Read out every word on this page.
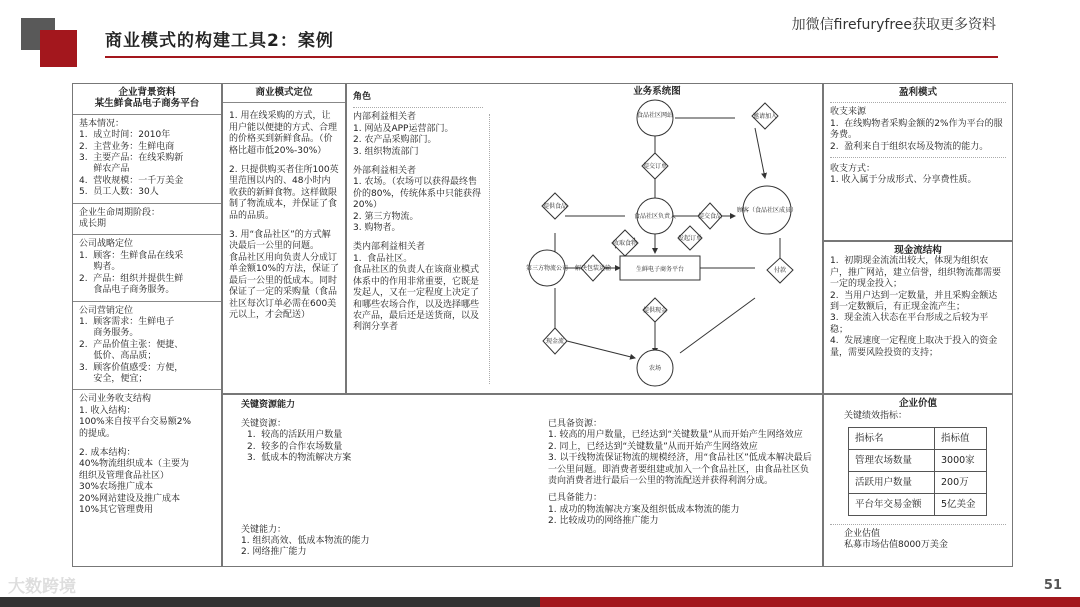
商业模式的构建工具2：案例
加微信firefuryfree获取更多资料
企业背景资料
某生鲜食品电子商务平台

基本情况：

1.  成立时间：2010年

2.  主营业务：生鲜电商

3.  主要产品：在线采购新

鲜农产品

4.  营收规模：一千万美金

5.  员工人数：30人

企业生命周期阶段：

成长期

公司战略定位

1.  顾客：生鲜食品在线采

购者。

2.  产品：组织并提供生鲜

食品电子商务服务。

公司营销定位

1.  顾客需求：生鲜电子

商务服务。

2.  产品价值主张：便捷、

低价、高品质；

3.  顾客价值感受：方便，

安全，便宜；

公司业务收支结构

1. 收入结构：

100%来自按平台交易额2%

的提成。

2. 成本结构：

40%物流组织成本（主要为

组织及管理食品社区）

30%农场推广成本

20%网站建设及推广成本

10%其它管理费用

商业模式定位

1. 用在线采购的方式，让用户能以便捷的方式、合理的价格买到新鲜食品。（价格比超市低20%-30%）

2. 只提供购买者住所100英里范围以内的、48小时内收获的新鲜食物。这样做限制了物流成本，并保证了食品的品质。

3. 用“食品社区”的方式解决最后一公里的问题。

食品社区用向负责人分成订单金额10%的方法，保证了最后一公里的低成本。同时保证了一定的采购量（食品社区每次订单必需在600美元以上，才会配送）

角色

内部利益相关者

1. 网站及APP运营部门。

2. 农产品采购部门。

3. 组织物流部门

外部利益相关者

1. 农场。（农场可以获得最终售价的80%，传统体系中只能获得20%）

2. 第三方物流。

3. 购物者。

类内部利益相关者

1.  食品社区。

食品社区的负责人在该商业模式体系中的作用非常重要，它既是发起人，又在一定程度上决定了和哪些农场合作，以及选择哪些农产品，最后还是送货商，以及利润分享者

业务系统图
食品社区网站
食品社区负责人
顾客（食品社区成员）
第三方物流公司
农场
生鲜电子商务平台
邀请加入
提交订单
提交食品
提供食品
收取食物
付款
发起订单
解决包装运输
提供现金
现金流
盈利模式

收支来源

1.  在线购物者采购金额的2%作为平台的服务费。

2.  盈利来自于组织农场及物流的能力。

收支方式：

1. 收入属于分成形式、分享费性质。

现金流结构

1.  初期现金流流出较大，体现为组织农户，推广网站，建立信誉，组织物流都需要一定的现金投入；

2.  当用户达到一定数量，并且采购金额达到一定数额后，有正现金流产生；

3.  现金流入状态在平台形成之后较为平稳；

4.  发展速度一定程度上取决于投入的资金量，需要风险投资的支持；

关键资源能力

关键资源：

1.  较高的活跃用户数量

2.  较多的合作农场数量

3.  低成本的物流解决方案

关键能力：

1. 组织高效、低成本物流的能力

2. 网络推广能力

已具备资源：

1. 较高的用户数量，已经达到“关键数量”从而开始产生网络效应

2. 同上，已经达到“关键数量”从而开始产生网络效应

3. 以干线物流保证物流的规模经济，用“食品社区”低成本解决最后一公里问题。即消费者要组建或加入一个食品社区，由食品社区负责向消费者进行最后一公里的物流配送并获得利润分成。

已具备能力：

1. 成功的物流解决方案及组织低成本物流的能力

2. 比较成功的网络推广能力

企业价值

关键绩效指标：

指标名	指标值
管理农场数量	3000家
活跃用户数量	200万
平台年交易金额	5亿美金

企业估值

私募市场估值8000万美金

大数跨境	51
